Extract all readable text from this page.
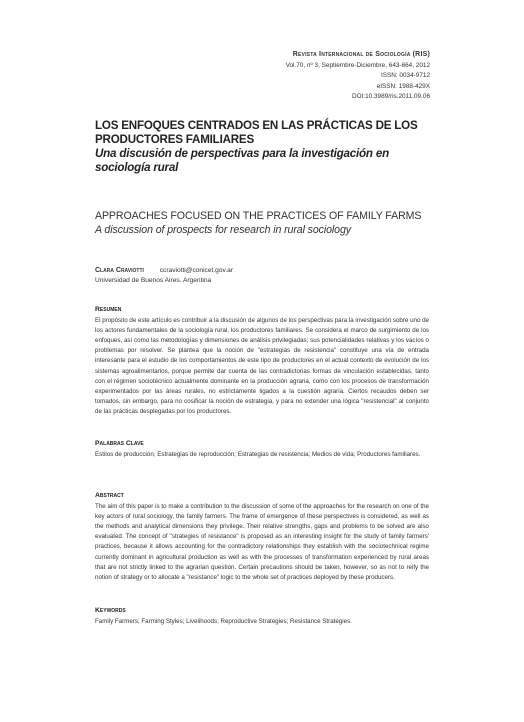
Revista Internacional de Sociología (RIS)
Vol.70, nº 3, Septiembre-Diciembre, 643-664, 2012
ISSN: 0034-9712
eISSN: 1988-429X
DOI:10.3989/ris.2011.09.06
LOS ENFOQUES CENTRADOS EN LAS PRÁCTICAS DE LOS PRODUCTORES FAMILIARES
Una discusión de perspectivas para la investigación en sociología rural
APPROACHES FOCUSED ON THE PRACTICES OF FAMILY FARMS
A discussion of prospects for research in rural sociology
Clara Craviotti ccraviotti@conicet.gov.ar
Universidad de Buenos Aires. Argentina
Resumen
El propósito de este artículo es contribuir a la discusión de algunos de los perspectivas para la investigación sobre uno de los actores fundamentales de la sociología rural, los productores familiares. Se considera el marco de surgimiento de los enfoques, así como las metodologías y dimensiones de análisis privilegiadas; sus potencialidades relativas y los vacíos o problemas por resolver. Se plantea que la noción de "estrategias de resistencia" constituye una vía de entrada interesante para el estudio de los comportamientos de este tipo de productores en el actual contexto de evolución de los sistemas agroalimentarios, porque permite dar cuenta de las contradictorias formas de vinculación establecidas, tanto con el régimen sociotécnico actualmente dominante en la producción agraria, como con los procesos de transformación experimentados por las áreas rurales, no estrictamente ligados a la cuestión agraria. Ciertos recaudos deben ser tomados, sin embargo, para no cosificar la noción de estrategia, y para no extender una lógica "resistencial" al conjunto de las prácticas desplegadas por los productores.
Palabras Clave
Estilos de producción; Estrategias de reproducción; Estrategias de resistencia; Medios de vida; Productores familiares.
Abstract
The aim of this paper is to make a contribution to the discussion of some of the approaches for the research on one of the key actors of rural sociology, the family farmers. The frame of emergence of these perspectives is considered, as well as the methods and analytical dimensions they privilege. Their relative strengths, gaps and problems to be solved are also evaluated. The concept of "strategies of resistance" is proposed as an interesting insight for the study of family farmers' practices, because it allows accounting for the contradictory relationships they establish with the sociotechnical regime currently dominant in agricultural production as well as with the processes of transformation experienced by rural areas that are not strictly linked to the agrarian question. Certain precautions should be taken, however, so as not to reify the notion of strategy or to allocate a "resistance" logic to the whole set of practices deployed by these producers.
Keywords
Family Farmers; Farming Styles; Livelihoods; Reproductive Strategies; Resistance Strategies.
